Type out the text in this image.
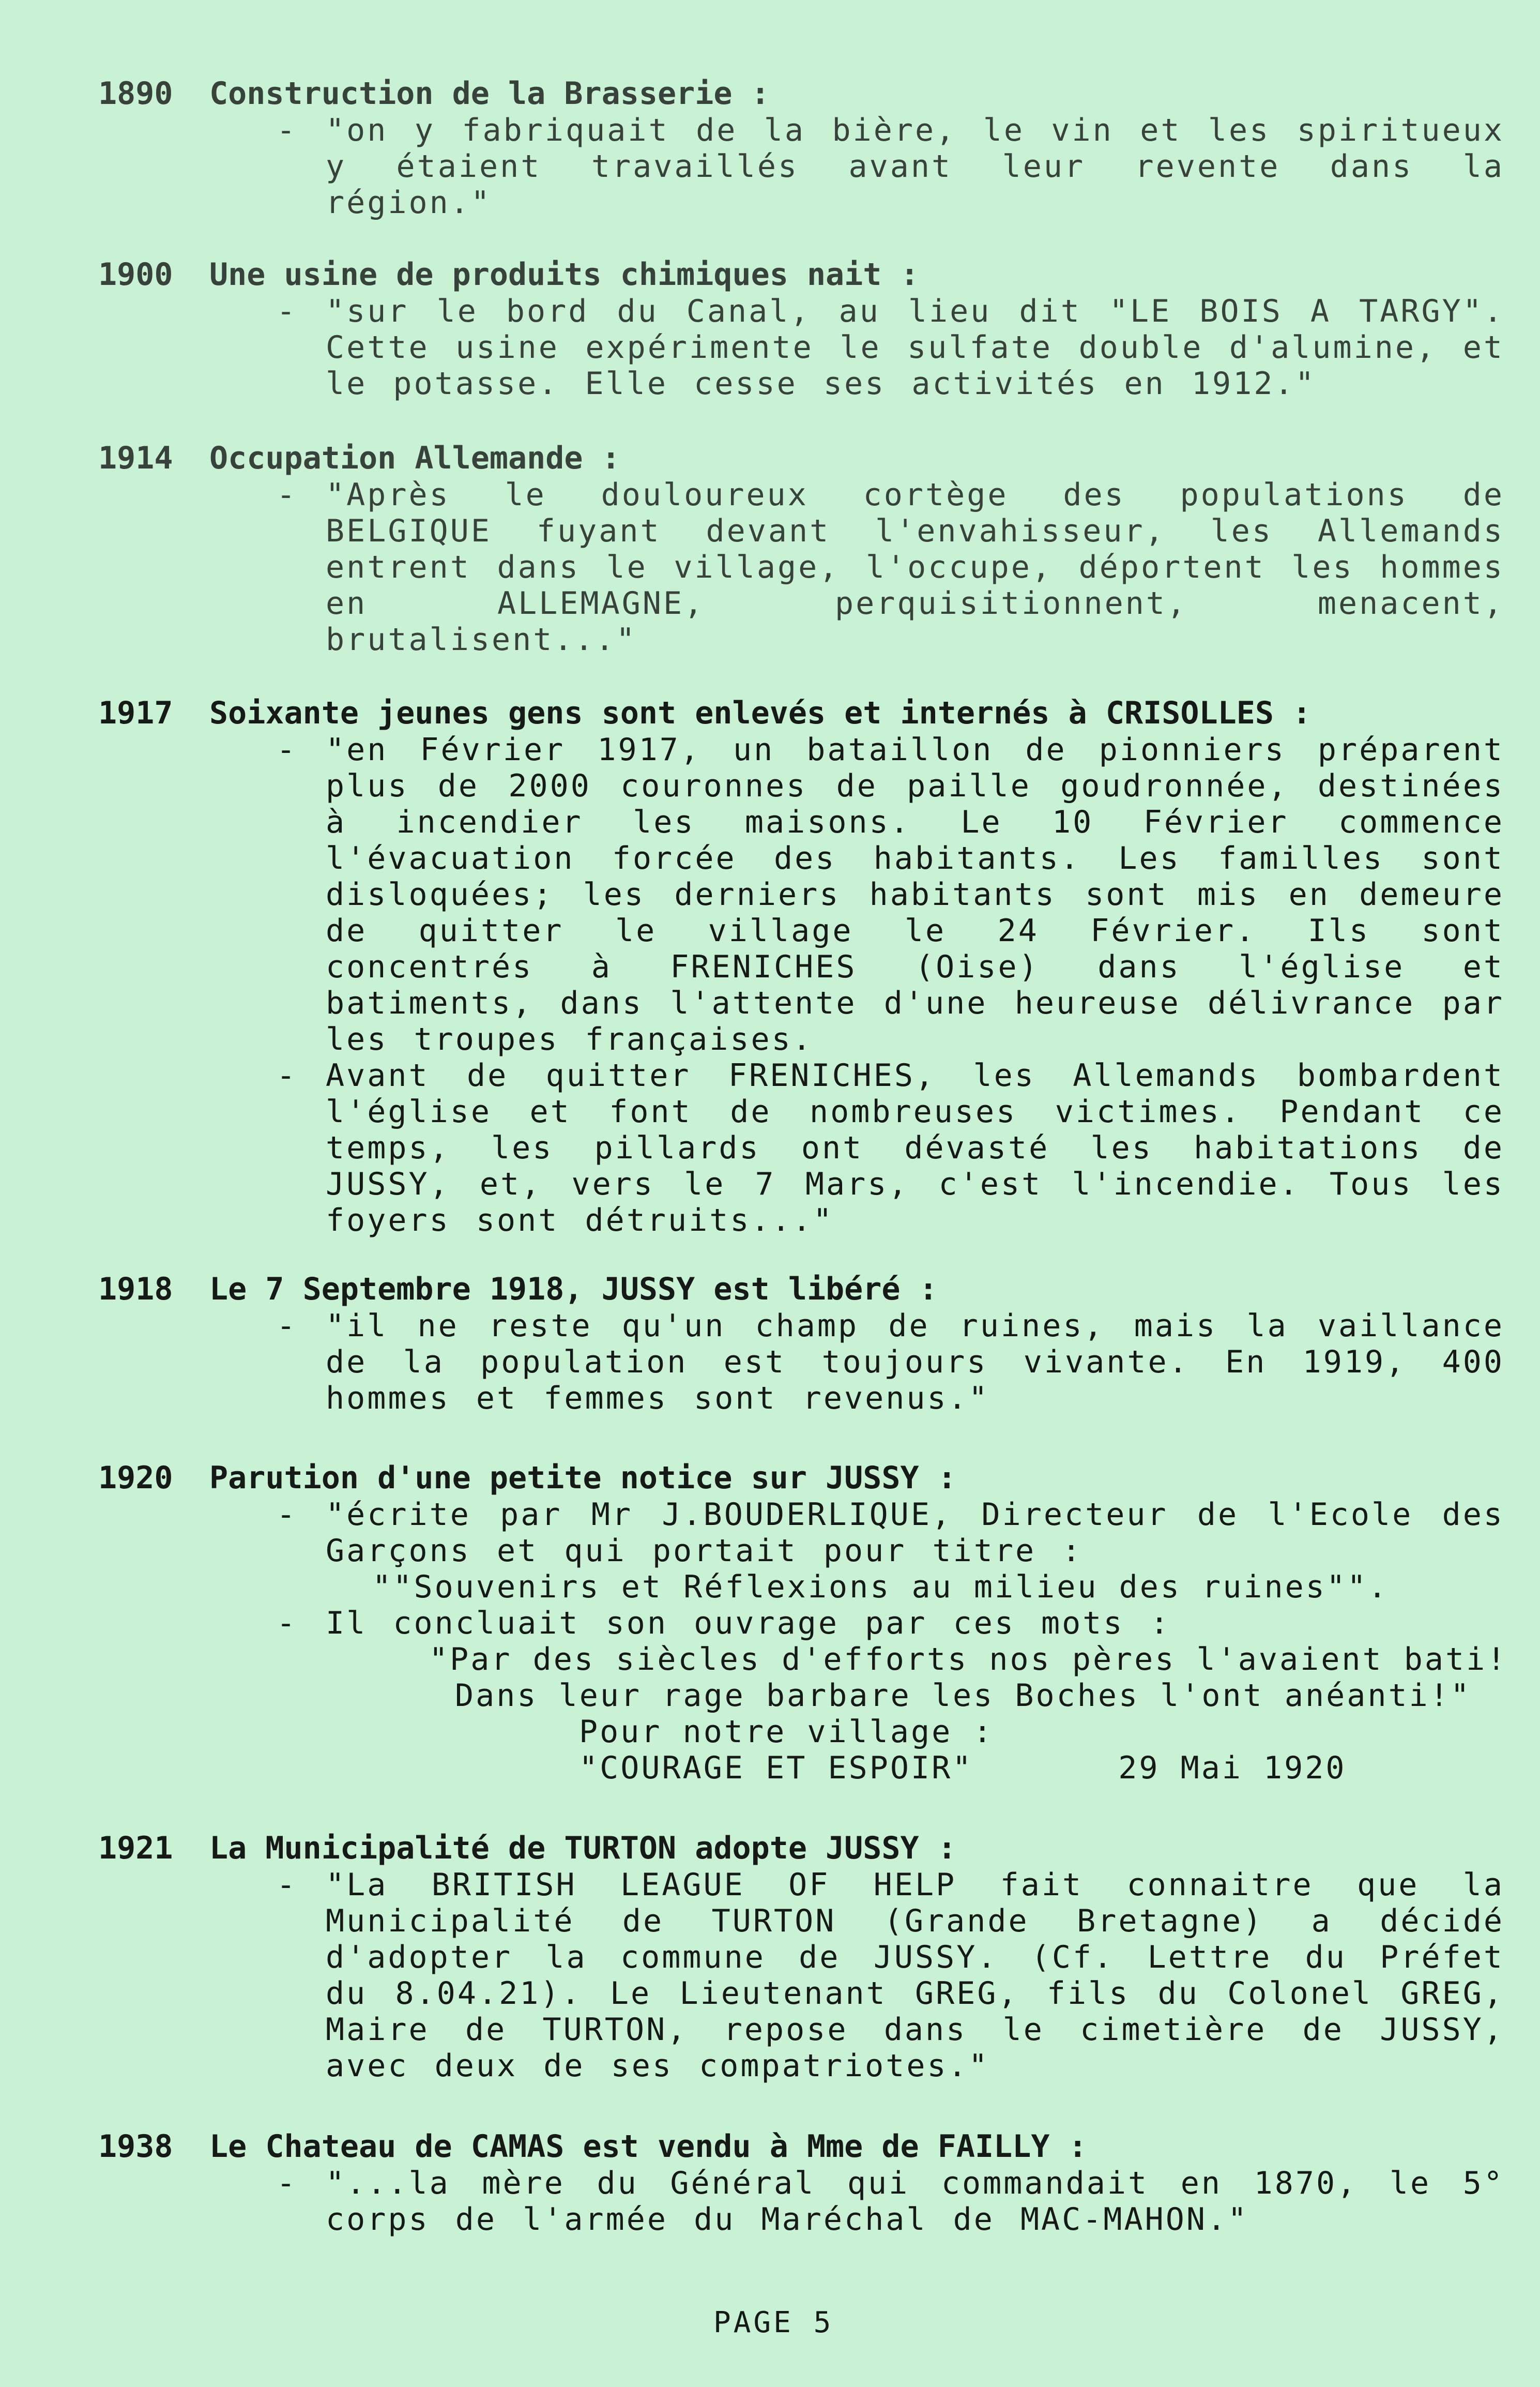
1890	Construction de la Brasserie :
- "on y fabriquait de la bière, le vin et les spiritueux y étaient travaillés avant leur revente dans la région."
1900	Une usine de produits chimiques nait :
- "sur le bord du Canal, au lieu dit "LE BOIS A TARGY". Cette usine expérimente le sulfate double d'alumine, et le potasse. Elle cesse ses activités en 1912."
1914	Occupation Allemande :
- "Après le douloureux cortège des populations de BELGIQUE fuyant devant l'envahisseur, les Allemands entrent dans le village, l'occupe, déportent les hommes en ALLEMAGNE, perquisitionnent, menacent, brutalisent..."
1917	Soixante jeunes gens sont enlevés et internés à CRISOLLES :
- "en Février 1917, un bataillon de pionniers préparent plus de 2000 couronnes de paille goudronnée, destinées à incendier les maisons. Le 10 Février commence l'évacuation forcée des habitants. Les familles sont disloquées; les derniers habitants sont mis en demeure de quitter le village le 24 Février. Ils sont concentrés à FRENICHES (Oise) dans l'église et batiments, dans l'attente d'une heureuse délivrance par les troupes françaises.
- Avant de quitter FRENICHES, les Allemands bombardent l'église et font de nombreuses victimes. Pendant ce temps, les pillards ont dévasté les habitations de JUSSY, et, vers le 7 Mars, c'est l'incendie. Tous les foyers sont détruits..."
1918	Le 7 Septembre 1918, JUSSY est libéré :
- "il ne reste qu'un champ de ruines, mais la vaillance de la population est toujours vivante. En 1919, 400 hommes et femmes sont revenus."
1920	Parution d'une petite notice sur JUSSY :
- "écrite par Mr J.BOUDERLIQUE, Directeur de l'Ecole des Garçons et qui portait pour titre :
""Souvenirs et Réflexions au milieu des ruines"".
- Il concluait son ouvrage par ces mots :
"Par des siècles d'efforts nos pères l'avaient bati!
Dans leur rage barbare les Boches l'ont anéanti!"
Pour notre village :
"COURAGE ET ESPOIR"       29 Mai 1920
1921	La Municipalité de TURTON adopte JUSSY :
- "La BRITISH LEAGUE OF HELP fait connaitre que la Municipalité de TURTON (Grande Bretagne) a décidé d'adopter la commune de JUSSY. (Cf. Lettre du Préfet du 8.04.21). Le Lieutenant GREG, fils du Colonel GREG, Maire de TURTON, repose dans le cimetière de JUSSY, avec deux de ses compatriotes."
1938	Le Chateau de CAMAS est vendu à Mme de FAILLY :
- "...la mère du Général qui commandait en 1870, le 5° corps de l'armée du Maréchal de MAC-MAHON."
PAGE 5
